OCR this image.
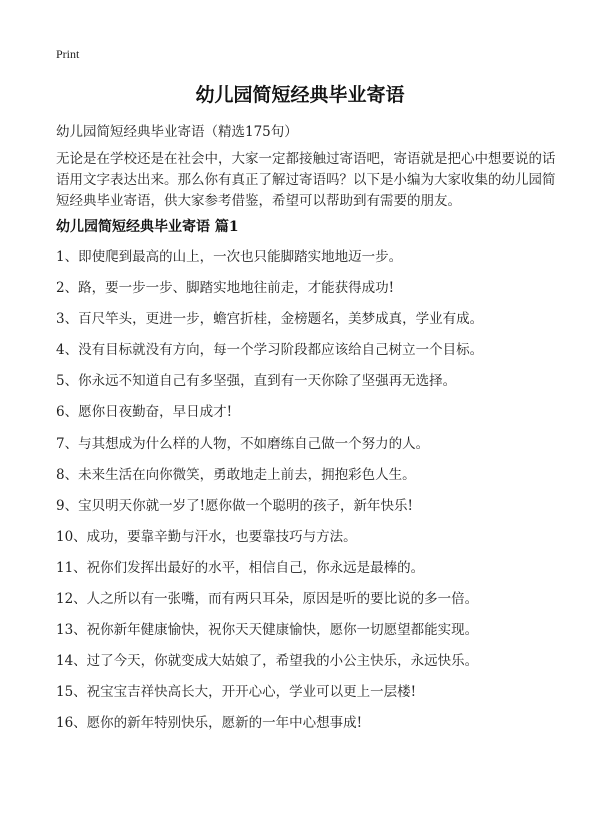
Print
幼儿园简短经典毕业寄语
幼儿园简短经典毕业寄语（精选175句）

无论是在学校还是在社会中，大家一定都接触过寄语吧，寄语就是把心中想要说的话语用文字表达出来。那么你有真正了解过寄语吗？以下是小编为大家收集的幼儿园简短经典毕业寄语，供大家参考借鉴，希望可以帮助到有需要的朋友。

幼儿园简短经典毕业寄语 篇1
1、即使爬到最高的山上，一次也只能脚踏实地地迈一步。
2、路，要一步一步、脚踏实地地往前走，才能获得成功!
3、百尺竿头，更进一步，蟾宫折桂，金榜题名，美梦成真，学业有成。
4、没有目标就没有方向，每一个学习阶段都应该给自己树立一个目标。
5、你永远不知道自己有多坚强，直到有一天你除了坚强再无选择。
6、愿你日夜勤奋，早日成才!
7、与其想成为什么样的人物，不如磨练自己做一个努力的人。
8、未来生活在向你微笑，勇敢地走上前去，拥抱彩色人生。
9、宝贝明天你就一岁了!愿你做一个聪明的孩子，新年快乐!
10、成功，要靠辛勤与汗水，也要靠技巧与方法。
11、祝你们发挥出最好的水平，相信自己，你永远是最棒的。
12、人之所以有一张嘴，而有两只耳朵，原因是听的要比说的多一倍。
13、祝你新年健康愉快，祝你天天健康愉快，愿你一切愿望都能实现。
14、过了今天，你就变成大姑娘了，希望我的小公主快乐，永远快乐。
15、祝宝宝吉祥快高长大，开开心心，学业可以更上一层楼!
16、愿你的新年特别快乐，愿新的一年中心想事成!
